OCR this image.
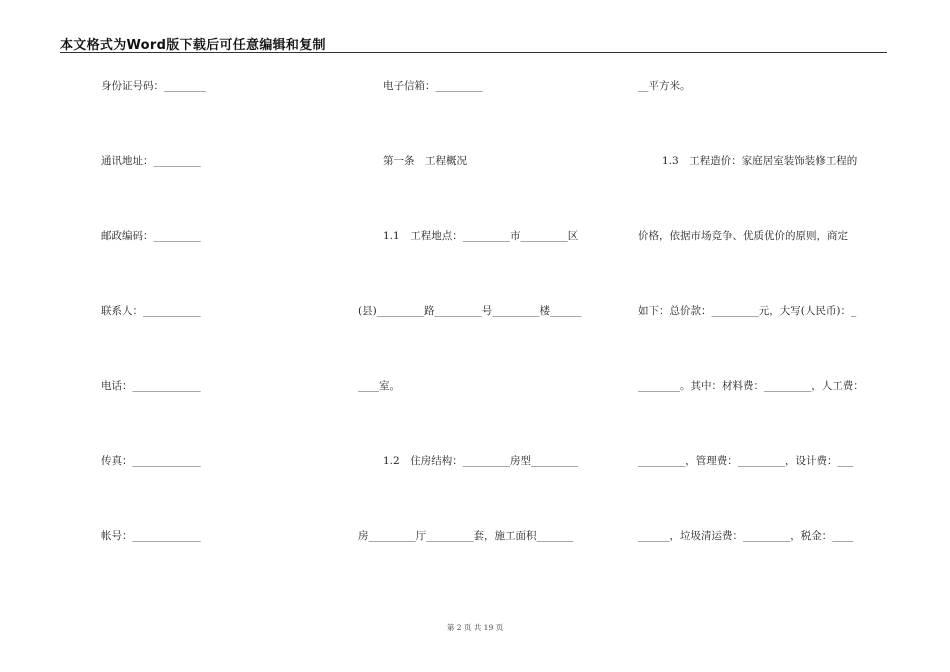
本文格式为Word版下载后可任意编辑和复制
身份证号码：________
通讯地址：_________
邮政编码：_________
联系人：___________
电话：_____________
传真：_____________
帐号：_____________
电子信箱：_________
第一条　工程概况
1.1　工程地点：_________市_________区
(县)_________路_________号_________楼______
____室。
1.2　住房结构：_________房型_________
房_________厅_________套，施工面积_______
__平方米。
1.3　工程造价：家庭居室装饰装修工程的
价格，依据市场竞争、优质优价的原则，商定
如下：总价款：_________元，大写(人民币)：_
________。其中：材料费：_________，人工费：
_________，管理费：_________，设计费：___
______，垃圾清运费：_________，税金：____
第 2 页 共 19 页
